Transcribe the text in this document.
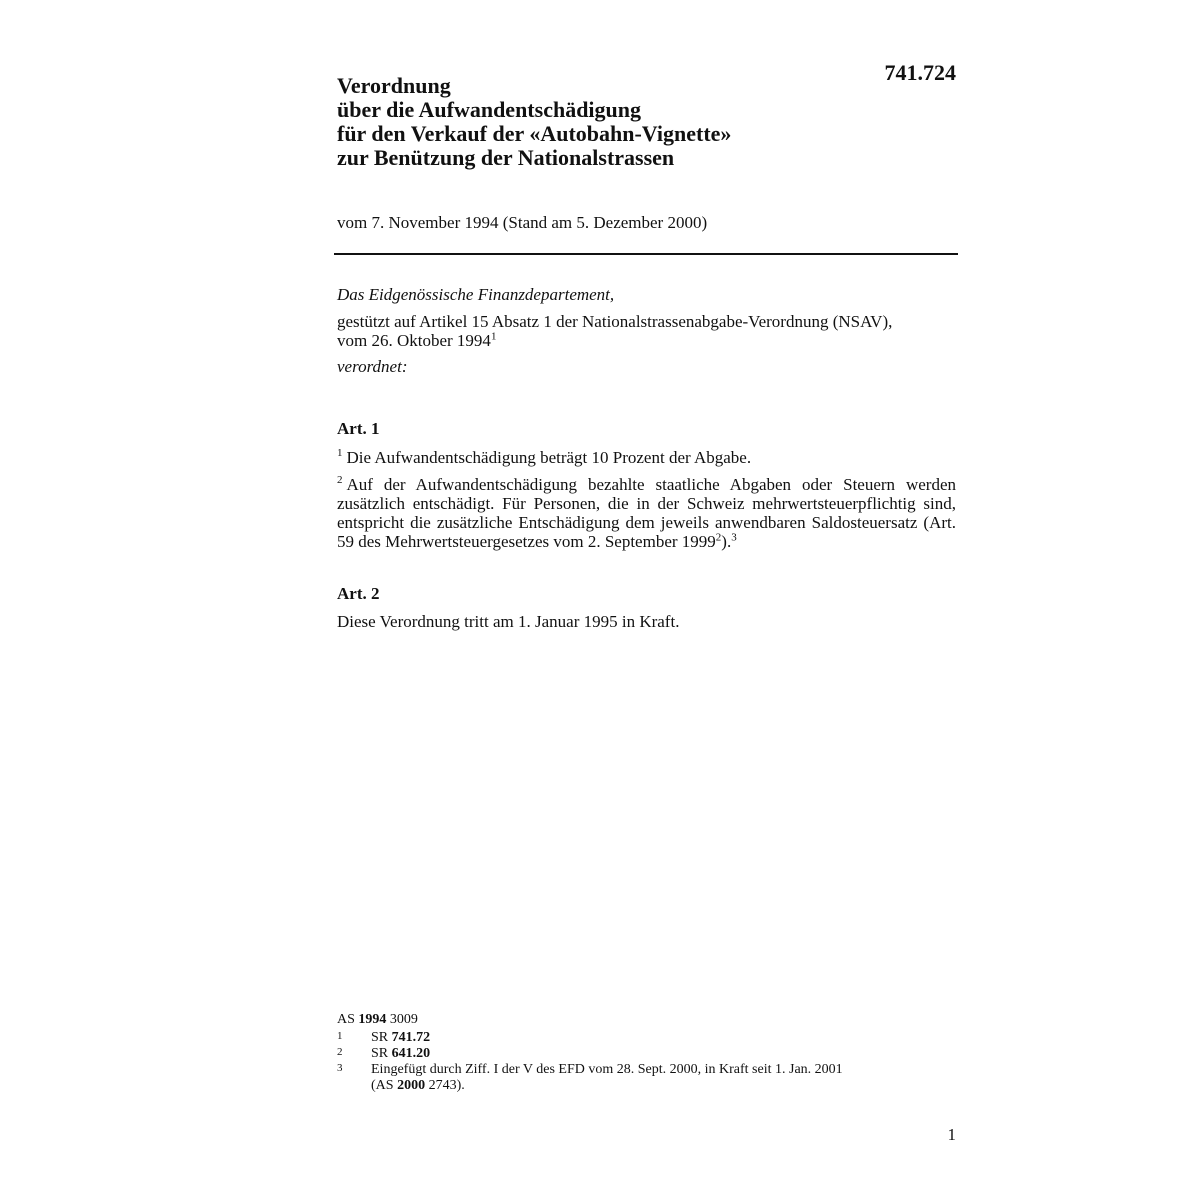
741.724
Verordnung
über die Aufwandentschädigung
für den Verkauf der «Autobahn-Vignette»
zur Benützung der Nationalstrassen
vom 7. November 1994 (Stand am 5. Dezember 2000)
Das Eidgenössische Finanzdepartement,
gestützt auf Artikel 15 Absatz 1 der Nationalstrassenabgabe-Verordnung (NSAV),
vom 26. Oktober 1994$^1$
verordnet:
Art. 1
$^1$ Die Aufwandentschädigung beträgt 10 Prozent der Abgabe.
$^2$ Auf der Aufwandentschädigung bezahlte staatliche Abgaben oder Steuern werden zusätzlich entschädigt. Für Personen, die in der Schweiz mehrwertsteuerpflichtig sind, entspricht die zusätzliche Entschädigung dem jeweils anwendbaren Saldosteuersatz (Art. 59 des Mehrwertsteuergesetzes vom 2. September 1999$^2$).$^3$
Art. 2
Diese Verordnung tritt am 1. Januar 1995 in Kraft.
AS 1994 3009
1	SR 741.72
2	SR 641.20
3	Eingefügt durch Ziff. I der V des EFD vom 28. Sept. 2000, in Kraft seit 1. Jan. 2001
(AS 2000 2743).
1
